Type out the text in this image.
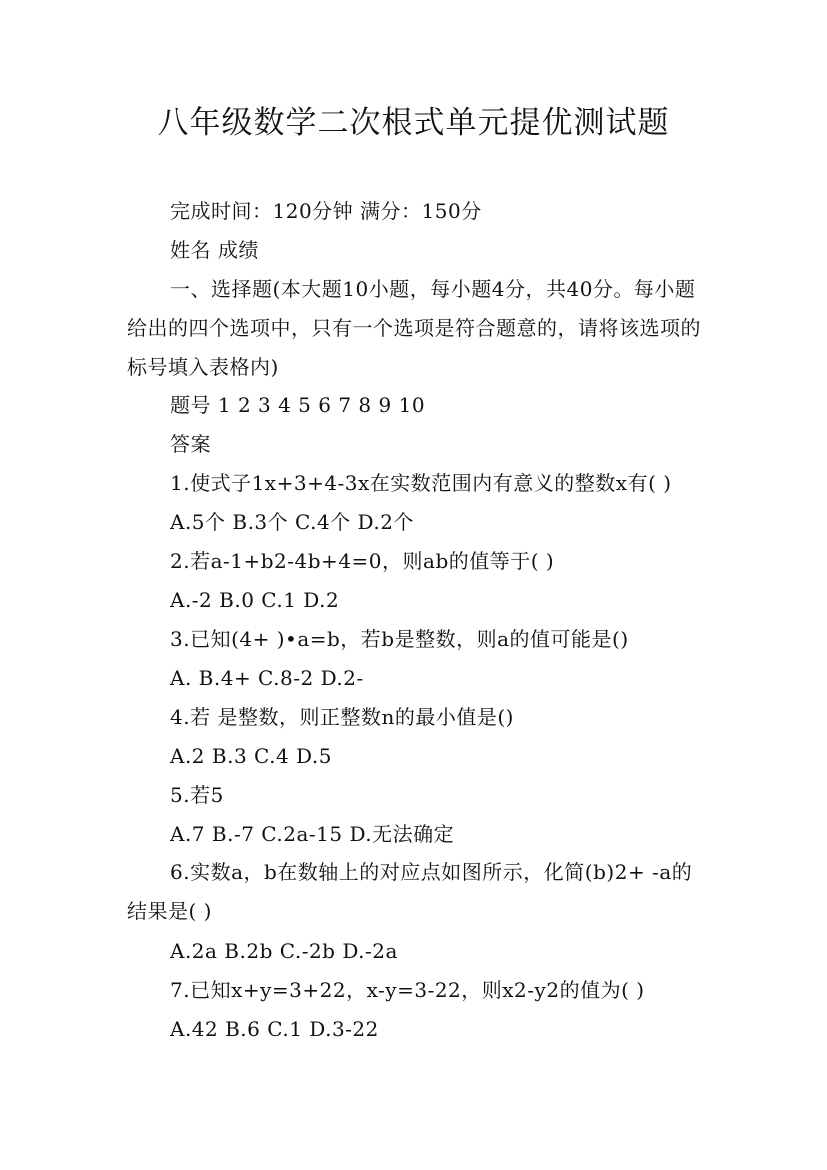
八年级数学二次根式单元提优测试题
完成时间：120分钟 满分：150分
姓名 成绩

一、选择题(本大题10小题，每小题4分，共40分。每小题给出的四个选项中，只有一个选项是符合题意的，请将该选项的标号填入表格内)

题号 1 2 3 4 5 6 7 8 9 10
答案
1.使式子1x+3+4-3x在实数范围内有意义的整数x有( )
A.5个 B.3个 C.4个 D.2个
2.若a-1+b2-4b+4=0，则ab的值等于( )
A.-2 B.0 C.1 D.2
3.已知(4+ )•a=b，若b是整数，则a的值可能是()
A. B.4+ C.8-2 D.2-
4.若 是整数，则正整数n的最小值是()
A.2 B.3 C.4 D.5
5.若5
A.7 B.-7 C.2a-15 D.无法确定

6.实数a，b在数轴上的对应点如图所示，化简(b)2+ -a的结果是( )

A.2a B.2b C.-2b D.-2a
7.已知x+y=3+22，x-y=3-22，则x2-y2的值为( )
A.42 B.6 C.1 D.3-22
